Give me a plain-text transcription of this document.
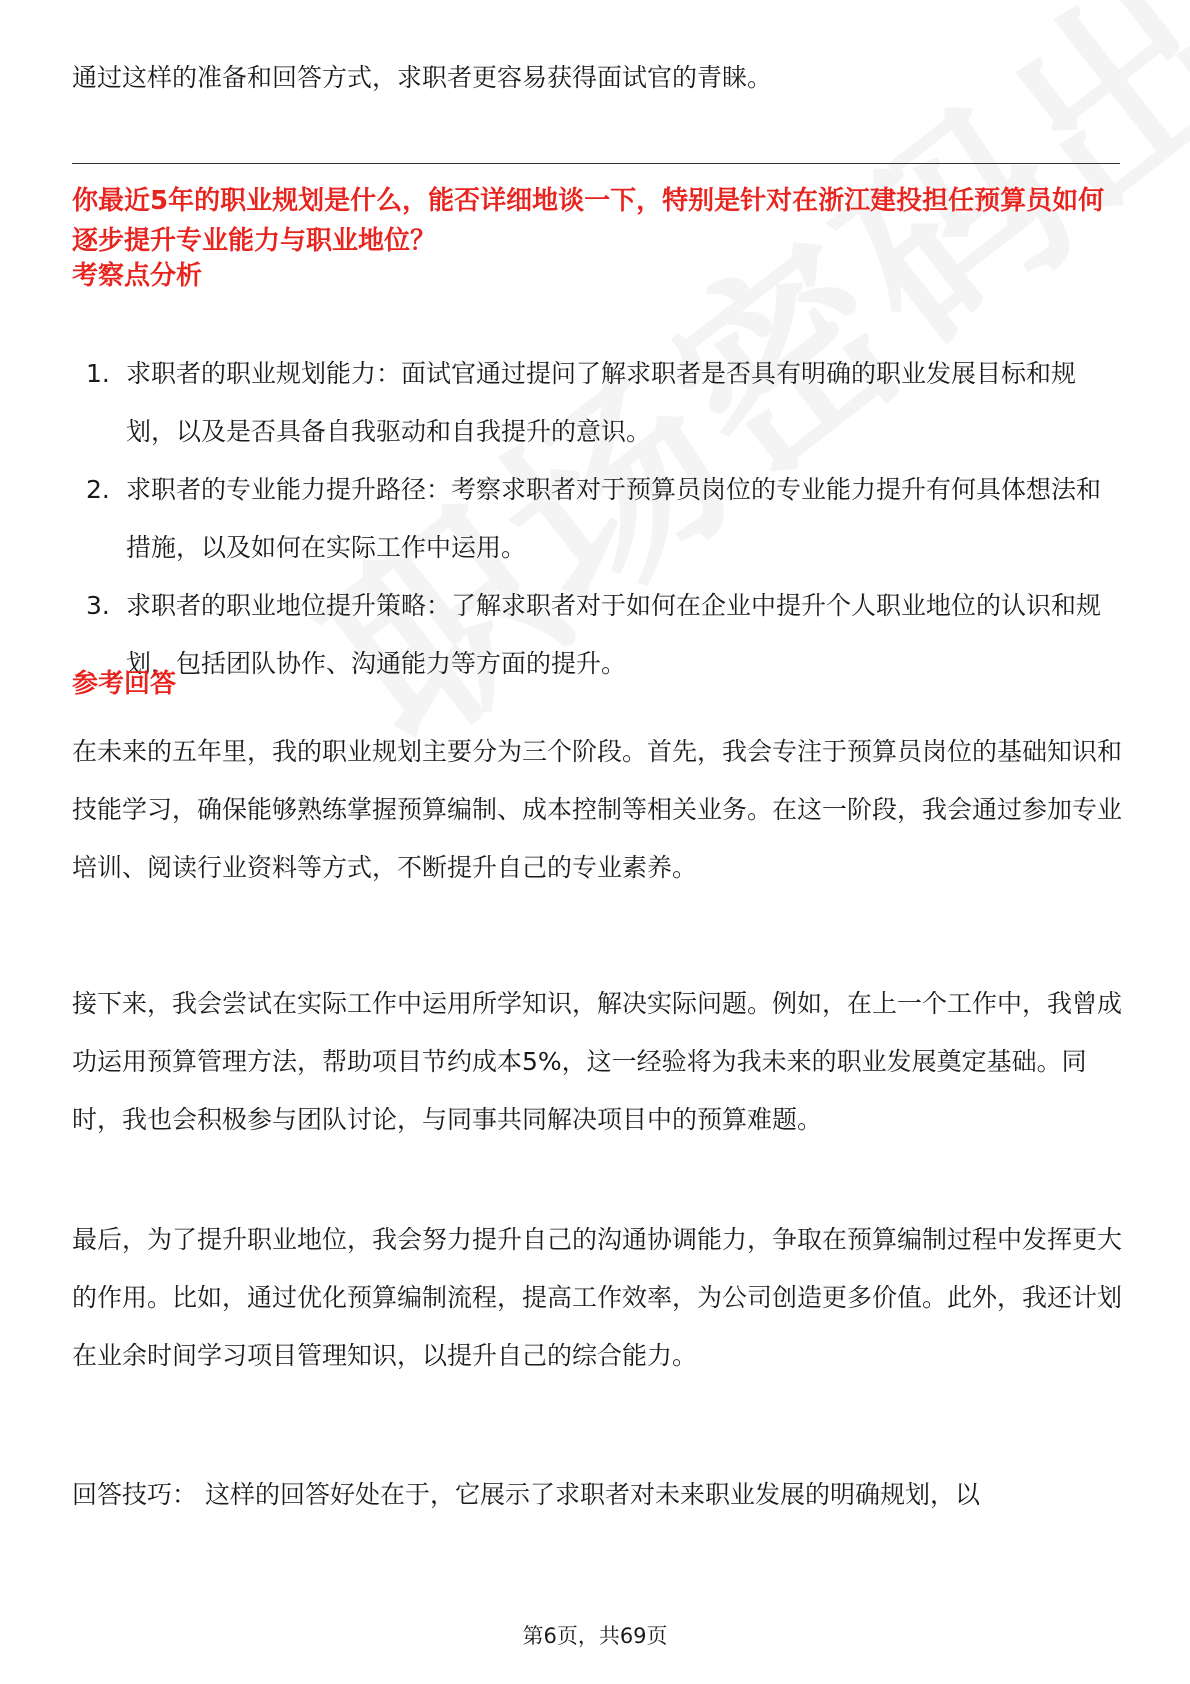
通过这样的准备和回答方式，求职者更容易获得面试官的青睐。

你最近5年的职业规划是什么，能否详细地谈一下，特别是针对在浙江建投担任预算员如何逐步提升专业能力与职业地位？

考察点分析

1. 求职者的职业规划能力：面试官通过提问了解求职者是否具有明确的职业发展目标和规划，以及是否具备自我驱动和自我提升的意识。
2. 求职者的专业能力提升路径：考察求职者对于预算员岗位的专业能力提升有何具体想法和措施，以及如何在实际工作中运用。
3. 求职者的职业地位提升策略：了解求职者对于如何在企业中提升个人职业地位的认识和规划，包括团队协作、沟通能力等方面的提升。

参考回答

在未来的五年里，我的职业规划主要分为三个阶段。首先，我会专注于预算员岗位的基础知识和技能学习，确保能够熟练掌握预算编制、成本控制等相关业务。在这一阶段，我会通过参加专业培训、阅读行业资料等方式，不断提升自己的专业素养。

接下来，我会尝试在实际工作中运用所学知识，解决实际问题。例如，在上一个工作中，我曾成功运用预算管理方法，帮助项目节约成本5%，这一经验将为我未来的职业发展奠定基础。同时，我也会积极参与团队讨论，与同事共同解决项目中的预算难题。

最后，为了提升职业地位，我会努力提升自己的沟通协调能力，争取在预算编制过程中发挥更大的作用。比如，通过优化预算编制流程，提高工作效率，为公司创造更多价值。此外，我还计划在业余时间学习项目管理知识，以提升自己的综合能力。

回答技巧： 这样的回答好处在于，它展示了求职者对未来职业发展的明确规划，以

第6页，共69页
